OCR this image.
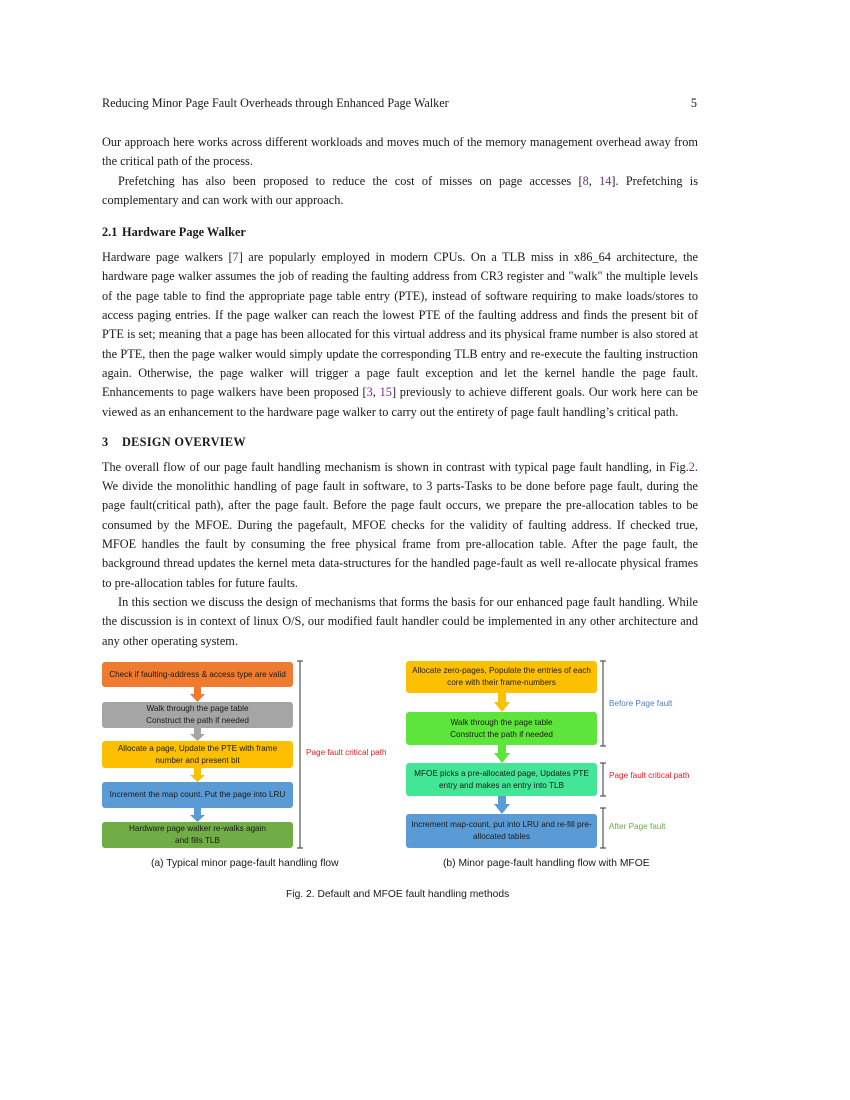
Reducing Minor Page Fault Overheads through Enhanced Page Walker	5

Our approach here works across different workloads and moves much of the memory management overhead away from the critical path of the process.

Prefetching has also been proposed to reduce the cost of misses on page accesses [8, 14]. Prefetching is complementary and can work with our approach.

2.1 Hardware Page Walker

Hardware page walkers [7] are popularly employed in modern CPUs. On a TLB miss in x86_64 architecture, the hardware page walker assumes the job of reading the faulting address from CR3 register and "walk" the multiple levels of the page table to find the appropriate page table entry (PTE), instead of software requiring to make loads/stores to access paging entries. If the page walker can reach the lowest PTE of the faulting address and finds the present bit of PTE is set; meaning that a page has been allocated for this virtual address and its physical frame number is also stored at the PTE, then the page walker would simply update the corresponding TLB entry and re-execute the faulting instruction again. Otherwise, the page walker will trigger a page fault exception and let the kernel handle the page fault. Enhancements to page walkers have been proposed [3, 15] previously to achieve different goals. Our work here can be viewed as an enhancement to the hardware page walker to carry out the entirety of page fault handling’s critical path.

3 DESIGN OVERVIEW

The overall flow of our page fault handling mechanism is shown in contrast with typical page fault handling, in Fig.2. We divide the monolithic handling of page fault in software, to 3 parts-Tasks to be done before page fault, during the page fault(critical path), after the page fault. Before the page fault occurs, we prepare the pre-allocation tables to be consumed by the MFOE. During the pagefault, MFOE checks for the validity of faulting address. If checked true, MFOE handles the fault by consuming the free physical frame from pre-allocation table. After the page fault, the background thread updates the kernel meta data-structures for the handled page-fault as well re-allocate physical frames to pre-allocation tables for future faults.

In this section we discuss the design of mechanisms that forms the basis for our enhanced page fault handling. While the discussion is in context of linux O/S, our modified fault handler could be implemented in any other architecture and any other operating system.

Check if faulting-address & access type are valid
Walk through the page table
Construct the path if needed
Allocate a page, Update the PTE with frame
number and present bit
Increment the map count. Put the page into LRU
Hardware page walker re-walks again
and fills TLB
Page fault critical path
Allocate zero-pages, Populate the entries of each
core with their frame-numbers
Walk through the page table
Construct the path if needed
MFOE picks a pre-allocated page, Updates PTE
entry and makes an entry into TLB
Increment map-count, put into LRU and re-fill pre-
allocated tables
Before Page fault
Page fault critical path
After Page fault
(a) Typical minor page-fault handling flow	(b) Minor page-fault handling flow with MFOE
Fig. 2. Default and MFOE fault handling methods
